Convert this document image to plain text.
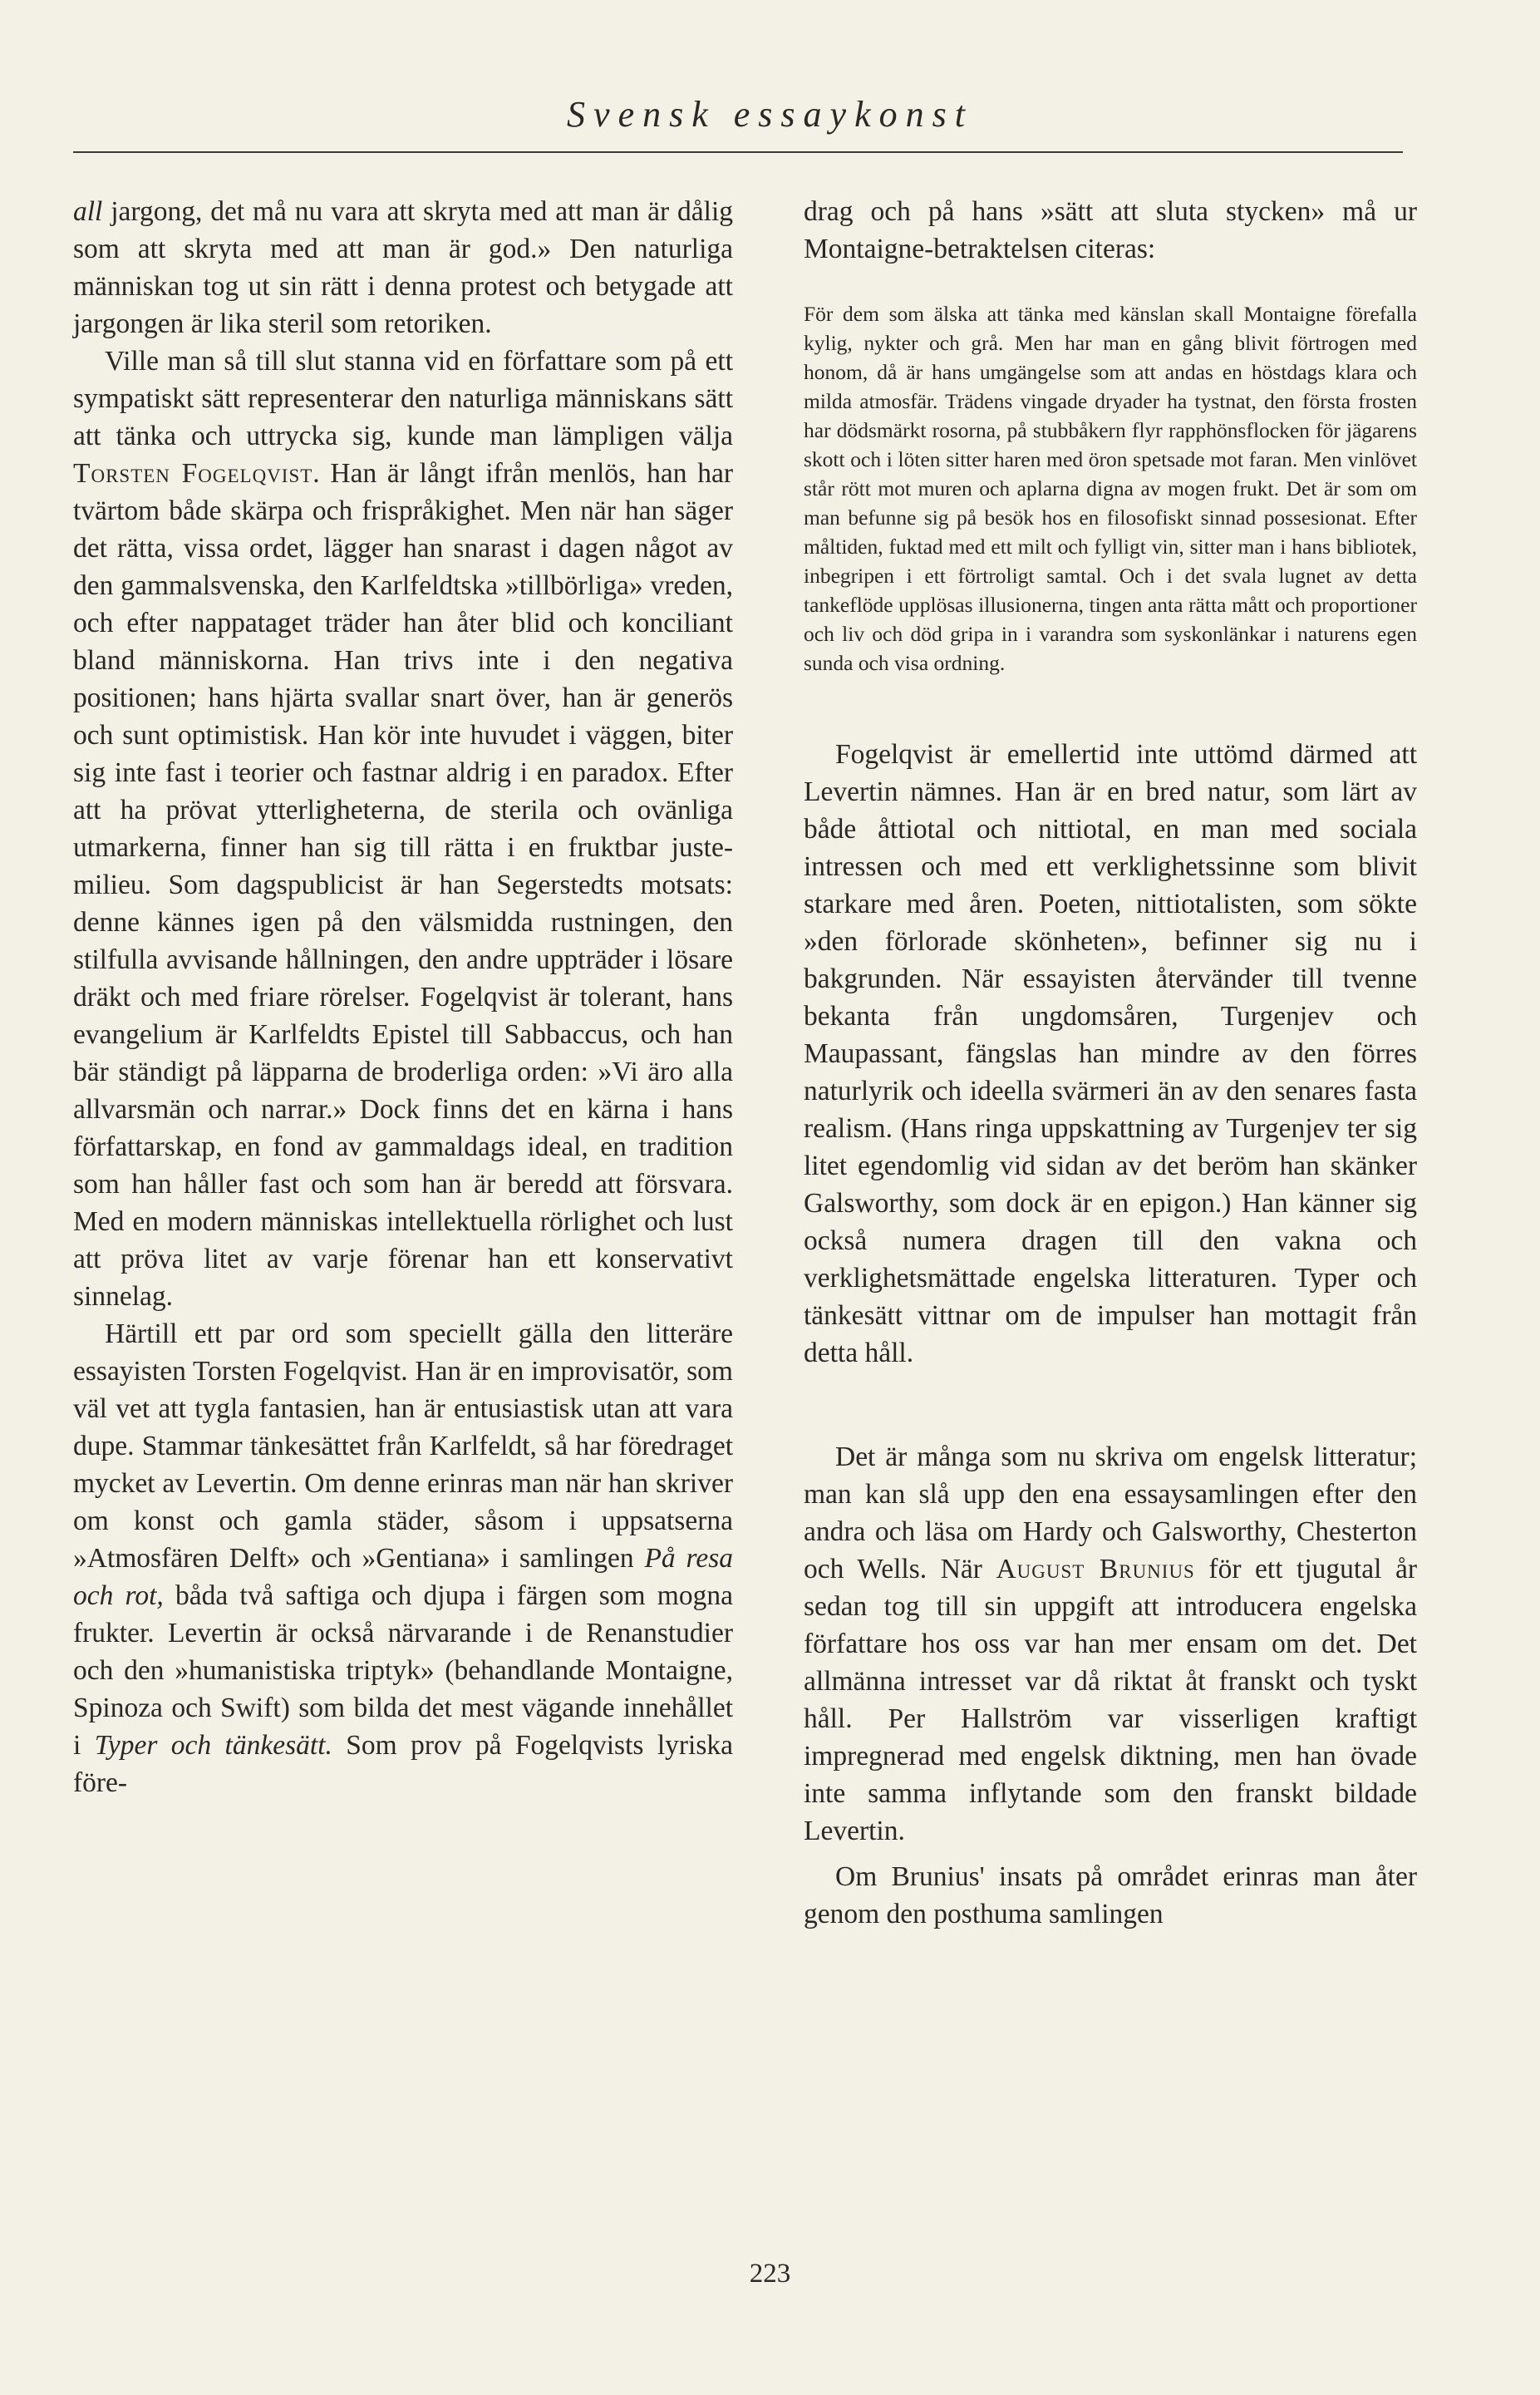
Svensk essaykonst

all jargong, det må nu vara att skryta med att man är dålig som att skryta med att man är god.» Den naturliga människan tog ut sin rätt i denna protest och betygade att jargongen är lika steril som retoriken.

Ville man så till slut stanna vid en författare som på ett sympatiskt sätt representerar den naturliga människans sätt att tänka och uttrycka sig, kunde man lämpligen välja Torsten Fogelqvist. Han är långt ifrån menlös, han har tvärtom både skärpa och frispråkighet. Men när han säger det rätta, vissa ordet, lägger han snarast i dagen något av den gammalsvenska, den Karlfeldtska »tillbörliga» vreden, och efter nappataget träder han åter blid och konciliant bland människorna. Han trivs inte i den negativa positionen; hans hjärta svallar snart över, han är generös och sunt optimistisk. Han kör inte huvudet i väggen, biter sig inte fast i teorier och fastnar aldrig i en paradox. Efter att ha prövat ytterligheterna, de sterila och ovänliga utmarkerna, finner han sig till rätta i en fruktbar juste-milieu. Som dagspublicist är han Segerstedts motsats: denne kännes igen på den välsmidda rustningen, den stilfulla avvisande hållningen, den andre uppträder i lösare dräkt och med friare rörelser. Fogelqvist är tolerant, hans evangelium är Karlfeldts Epistel till Sabbaccus, och han bär ständigt på läpparna de broderliga orden: »Vi äro alla allvarsmän och narrar.» Dock finns det en kärna i hans författarskap, en fond av gammaldags ideal, en tradition som han håller fast och som han är beredd att försvara. Med en modern människas intellektuella rörlighet och lust att pröva litet av varje förenar han ett konservativt sinnelag.

Härtill ett par ord som speciellt gälla den litteräre essayisten Torsten Fogelqvist. Han är en improvisatör, som väl vet att tygla fantasien, han är entusiastisk utan att vara dupe. Stammar tänkesättet från Karlfeldt, så har föredraget mycket av Levertin. Om denne erinras man när han skriver om konst och gamla städer, såsom i uppsatserna »Atmosfären Delft» och »Gentiana» i samlingen På resa och rot, båda två saftiga och djupa i färgen som mogna frukter. Levertin är också närvarande i de Renanstudier och den »humanistiska triptyk» (behandlande Montaigne, Spinoza och Swift) som bilda det mest vägande innehållet i Typer och tänkesätt. Som prov på Fogelqvists lyriska före-

drag och på hans »sätt att sluta stycken» må ur Montaigne-betraktelsen citeras:

För dem som älska att tänka med känslan skall Montaigne förefalla kylig, nykter och grå. Men har man en gång blivit förtrogen med honom, då är hans umgängelse som att andas en höstdags klara och milda atmosfär. Trädens vingade dryader ha tystnat, den första frosten har dödsmärkt rosorna, på stubbåkern flyr rapphönsflocken för jägarens skott och i löten sitter haren med öron spetsade mot faran. Men vinlövet står rött mot muren och aplarna digna av mogen frukt. Det är som om man befunne sig på besök hos en filosofiskt sinnad possesionat. Efter måltiden, fuktad med ett milt och fylligt vin, sitter man i hans bibliotek, inbegripen i ett förtroligt samtal. Och i det svala lugnet av detta tankeflöde upplösas illusionerna, tingen anta rätta mått och proportioner och liv och död gripa in i varandra som syskonlänkar i naturens egen sunda och visa ordning.

Fogelqvist är emellertid inte uttömd därmed att Levertin nämnes. Han är en bred natur, som lärt av både åttiotal och nittiotal, en man med sociala intressen och med ett verklighetssinne som blivit starkare med åren. Poeten, nittiotalisten, som sökte »den förlorade skönheten», befinner sig nu i bakgrunden. När essayisten återvänder till tvenne bekanta från ungdomsåren, Turgenjev och Maupassant, fängslas han mindre av den förres naturlyrik och ideella svärmeri än av den senares fasta realism. (Hans ringa uppskattning av Turgenjev ter sig litet egendomlig vid sidan av det beröm han skänker Galsworthy, som dock är en epigon.) Han känner sig också numera dragen till den vakna och verklighetsmättade engelska litteraturen. Typer och tänkesätt vittnar om de impulser han mottagit från detta håll.

Det är många som nu skriva om engelsk litteratur; man kan slå upp den ena essaysamlingen efter den andra och läsa om Hardy och Galsworthy, Chesterton och Wells. När August Brunius för ett tjugutal år sedan tog till sin uppgift att introducera engelska författare hos oss var han mer ensam om det. Det allmänna intresset var då riktat åt franskt och tyskt håll. Per Hallström var visserligen kraftigt impregnerad med engelsk diktning, men han övade inte samma inflytande som den franskt bildade Levertin.

Om Brunius' insats på området erinras man åter genom den posthuma samlingen

223
